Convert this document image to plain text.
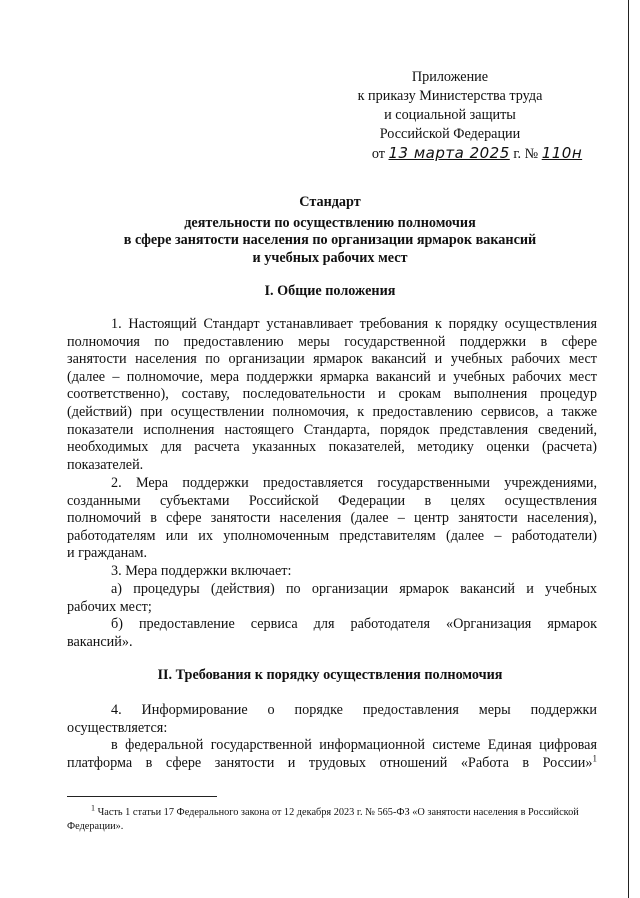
Приложение
к приказу Министерства труда
и социальной защиты
Российской Федерации
от 13 марта 2025 г. № 110н
Стандарт
деятельности по осуществлению полномочия
в сфере занятости населения по организации ярмарок вакансий
и учебных рабочих мест
I. Общие положения
1. Настоящий Стандарт устанавливает требования к порядку осуществления
полномочия по предоставлению меры государственной поддержки в сфере
занятости населения по организации ярмарок вакансий и учебных рабочих мест
(далее – полномочие, мера поддержки ярмарка вакансий и учебных рабочих мест
соответственно), составу, последовательности и срокам выполнения процедур
(действий) при осуществлении полномочия, к предоставлению сервисов, а также
показатели исполнения настоящего Стандарта, порядок представления сведений,
необходимых для расчета указанных показателей, методику оценки (расчета)
показателей.
2. Мера поддержки предоставляется государственными учреждениями,
созданными субъектами Российской Федерации в целях осуществления
полномочий в сфере занятости населения (далее – центр занятости населения),
работодателям или их уполномоченным представителям (далее – работодатели)
и гражданам.
3. Мера поддержки включает:
а) процедуры (действия) по организации ярмарок вакансий и учебных
рабочих мест;
б) предоставление сервиса для работодателя «Организация ярмарок
вакансий».
II. Требования к порядку осуществления полномочия
4. Информирование о порядке предоставления меры поддержки
осуществляется:
в федеральной государственной информационной системе Единая цифровая
платформа в сфере занятости и трудовых отношений «Работа в России»$^1$
$^1$ Часть 1 статьи 17 Федерального закона от 12 декабря 2023 г. № 565-ФЗ «О занятости населения в Российской
Федерации».
